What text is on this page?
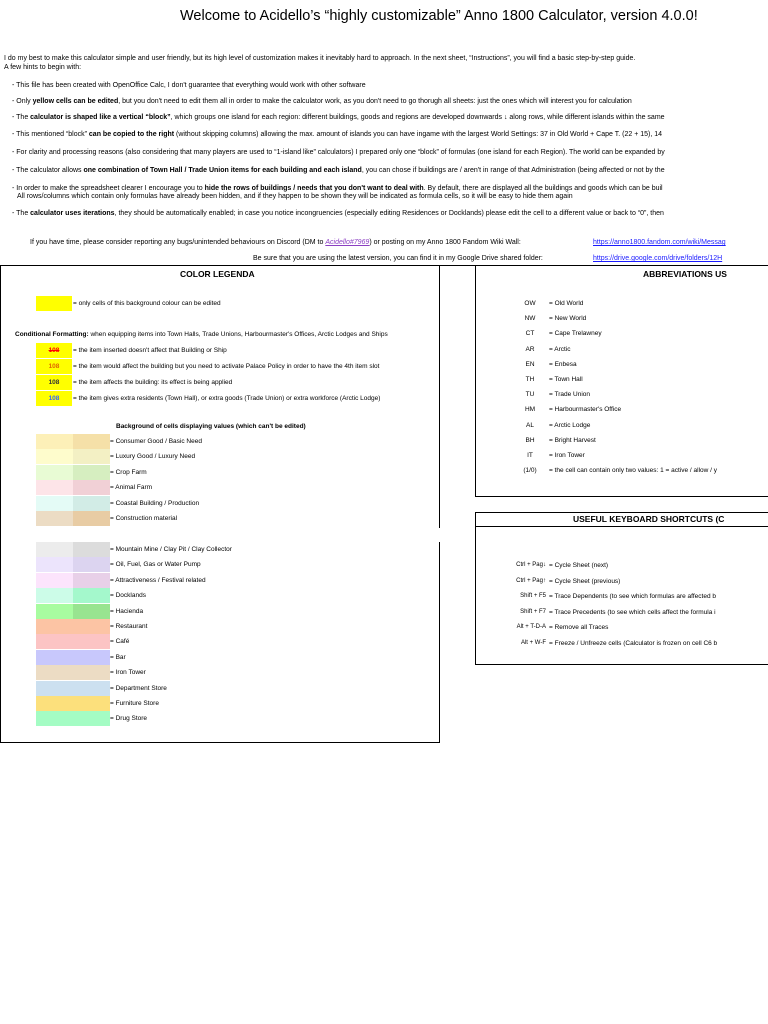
Welcome to Acidello’s “highly customizable” Anno 1800 Calculator, version 4.0.0!
I do my best to make this calculator simple and user friendly, but its high level of customization makes it inevitably hard to approach. In the next sheet, “Instructions”, you will find a basic step-by-step guide.
A few hints to begin with:
- This file has been created with OpenOffice Calc, I don't guarantee that everything would work with other software
- Only yellow cells can be edited, but you don't need to edit them all in order to make the calculator work, as you don't need to go thorugh all sheets: just the ones which will interest you for calculation
- The calculator is shaped like a vertical “block”, which groups one island for each region: different buildings, goods and regions are developed downwards ↓ along rows, while different islands within the same
- This mentioned “block” can be copied to the right (without skipping columns) allowing the max. amount of islands you can have ingame with the largest World Settings: 37 in Old World + Cape T. (22 + 15), 14
- For clarity and processing reasons (also considering that many players are used to “1-island like” calculators) I prepared only one “block” of formulas (one island for each Region). The world can be expanded by
- The calculator allows one combination of Town Hall / Trade Union items for each building and each island, you can chose if buildings are / aren't in range of that Administration (being affected or not by the
- In order to make the spreadsheet clearer I encourage you to hide the rows of buildings / needs that you don't want to deal with. By default, there are displayed all the buildings and goods which can be buil
All rows/columns which contain only formulas have already been hidden, and if they happen to be shown they will be indicated as formula cells, so it will be easy to hide them again
- The calculator uses iterations, they should be automatically enabled; in case you notice incongruencies (especially editing Residences or Docklands) please edit the cell to a different value or back to “0”, then
If you have time, please consider reporting any bugs/unintended behaviours on Discord (DM to Acidello#7969) or posting on my Anno 1800 Fandom Wiki Wall:	https://anno1800.fandom.com/wiki/Messag
Be sure that you are using the latest version, you can find it in my Google Drive shared folder:	https://drive.google.com/drive/folders/12H
COLOR LEGENDA
= only cells of this background colour can be edited
Conditional Formatting: when equipping items into Town Halls, Trade Unions, Harbourmaster's Offices, Arctic Lodges and Ships
108	= the item inserted doesn't affect that Building or Ship
108	= the item would affect the building but you need to activate Palace Policy in order to have the 4th item slot
108	= the item affects the building: its effect is being applied
108	= the item gives extra residents (Town Hall), or extra goods (Trade Union) or extra workforce (Arctic Lodge)
Background of cells displaying values (which can't be edited)
= Consumer Good / Basic Need
= Luxury Good / Luxury Need
= Crop Farm
= Animal Farm
= Coastal Building / Production
= Construction material
= Mountain Mine / Clay Pit / Clay Collector
= Oil, Fuel, Gas or Water Pump
= Attractiveness / Festival related
= Docklands
= Hacienda
= Restaurant
= Café
= Bar
= Iron Tower
= Department Store
= Furniture Store
= Drug Store
ABBREVIATIONS US
OW	= Old World
NW	= New World
CT	= Cape Trelawney
AR	= Arctic
EN	= Enbesa
TH	= Town Hall
TU	= Trade Union
HM	= Harbourmaster's Office
AL	= Arctic Lodge
BH	= Bright Harvest
IT	= Iron Tower
(1/0)	= the cell can contain only two values: 1 = active / allow / y
USEFUL KEYBOARD SHORTCUTS (C
Ctrl + Pag↓ = Cycle Sheet (next)
Ctrl + Pag↑ = Cycle Sheet (previous)
Shift + F5 = Trace Dependents (to see which formulas are affected b
Shift + F7 = Trace Precedents (to see which cells affect the formula i
Alt + T-D-A = Remove all Traces
Alt + W-F = Freeze / Unfreeze cells (Calculator is frozen on cell C6 b
